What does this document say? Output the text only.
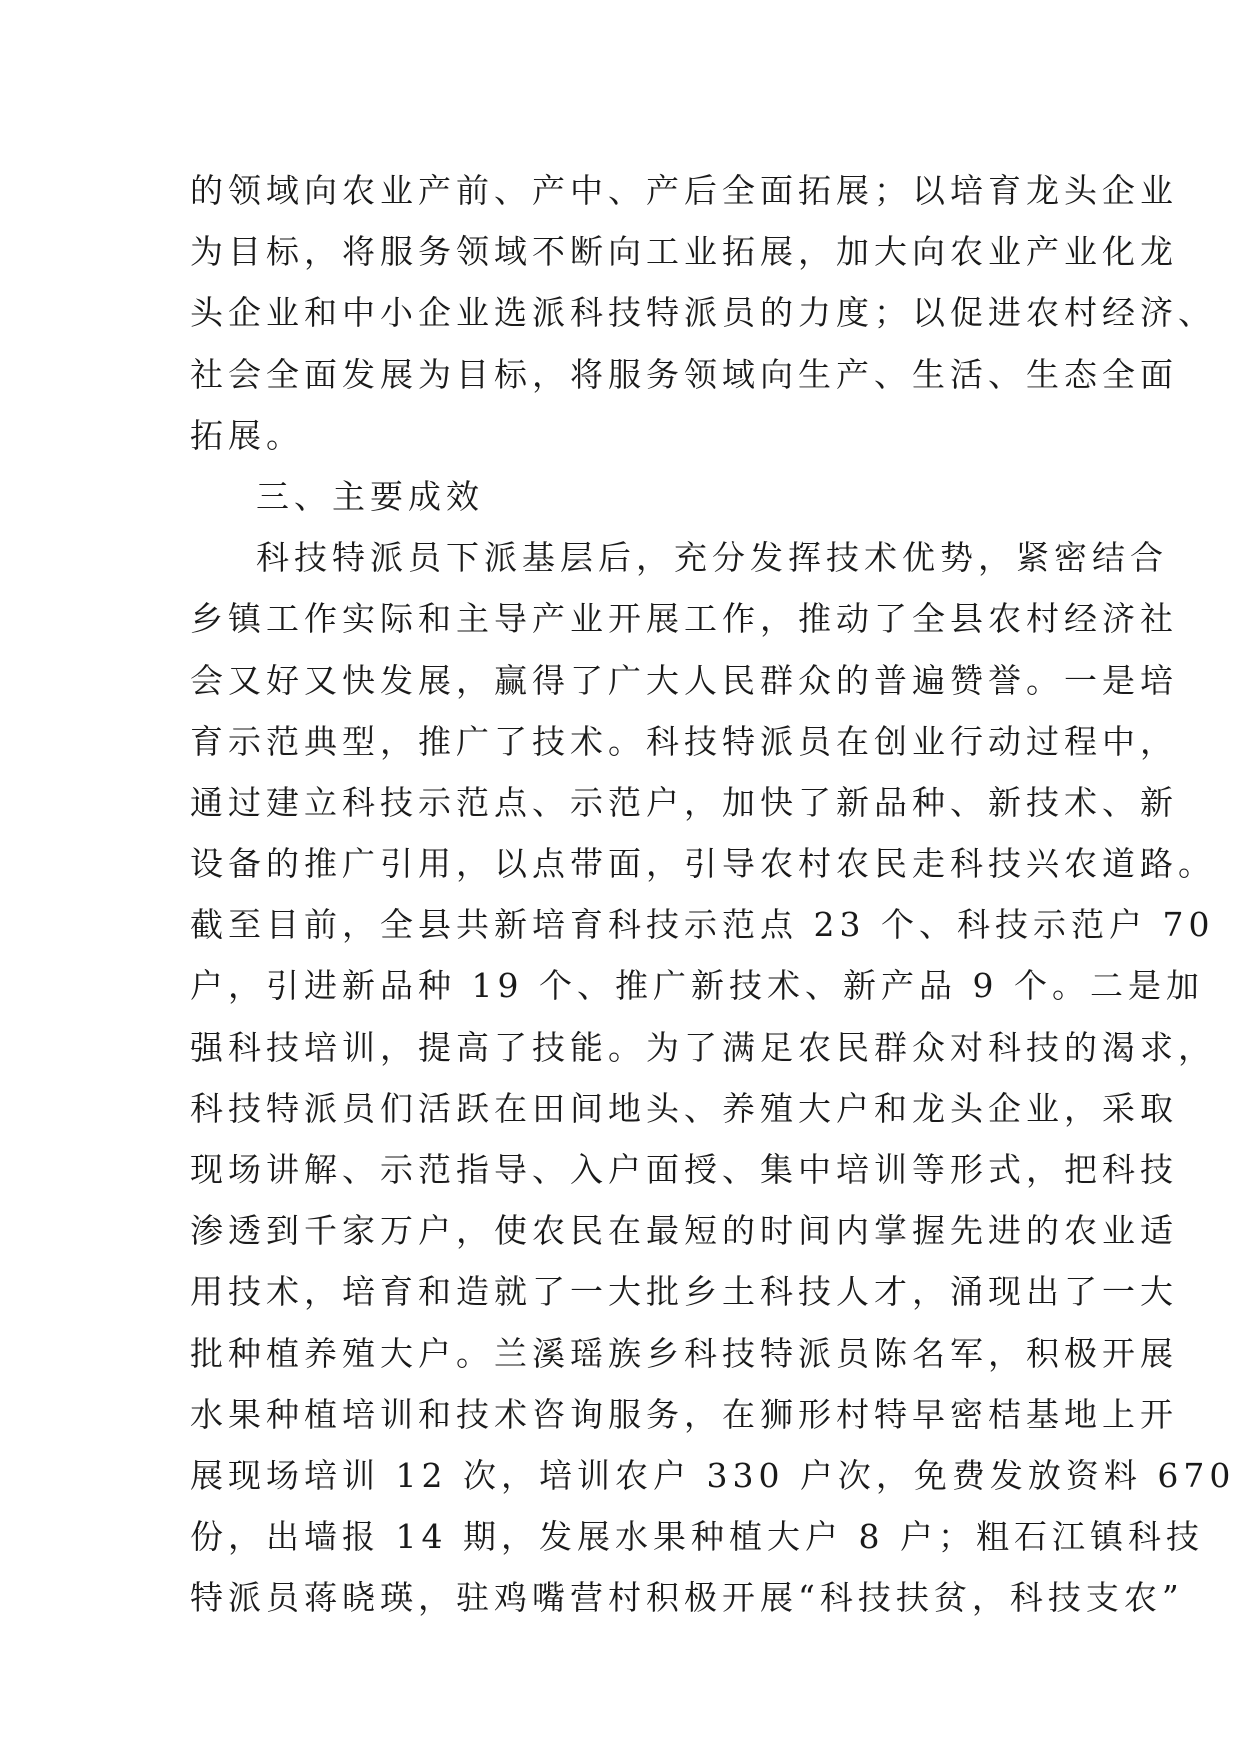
的领域向农业产前、产中、产后全面拓展；以培育龙头企业
为目标，将服务领域不断向工业拓展，加大向农业产业化龙
头企业和中小企业选派科技特派员的力度；以促进农村经济、
社会全面发展为目标，将服务领域向生产、生活、生态全面
拓展。
三、主要成效
科技特派员下派基层后，充分发挥技术优势，紧密结合
乡镇工作实际和主导产业开展工作，推动了全县农村经济社
会又好又快发展，赢得了广大人民群众的普遍赞誉。一是培
育示范典型，推广了技术。科技特派员在创业行动过程中，
通过建立科技示范点、示范户，加快了新品种、新技术、新
设备的推广引用，以点带面，引导农村农民走科技兴农道路。
截至目前，全县共新培育科技示范点 23 个、科技示范户 70
户，引进新品种 19 个、推广新技术、新产品 9 个。二是加
强科技培训，提高了技能。为了满足农民群众对科技的渴求，
科技特派员们活跃在田间地头、养殖大户和龙头企业，采取
现场讲解、示范指导、入户面授、集中培训等形式，把科技
渗透到千家万户，使农民在最短的时间内掌握先进的农业适
用技术，培育和造就了一大批乡土科技人才，涌现出了一大
批种植养殖大户。兰溪瑶族乡科技特派员陈名军，积极开展
水果种植培训和技术咨询服务，在狮形村特早密桔基地上开
展现场培训 12 次，培训农户 330 户次，免费发放资料 670
份，出墙报 14 期，发展水果种植大户 8 户；粗石江镇科技
特派员蒋晓瑛，驻鸡嘴营村积极开展“科技扶贫，科技支农”
